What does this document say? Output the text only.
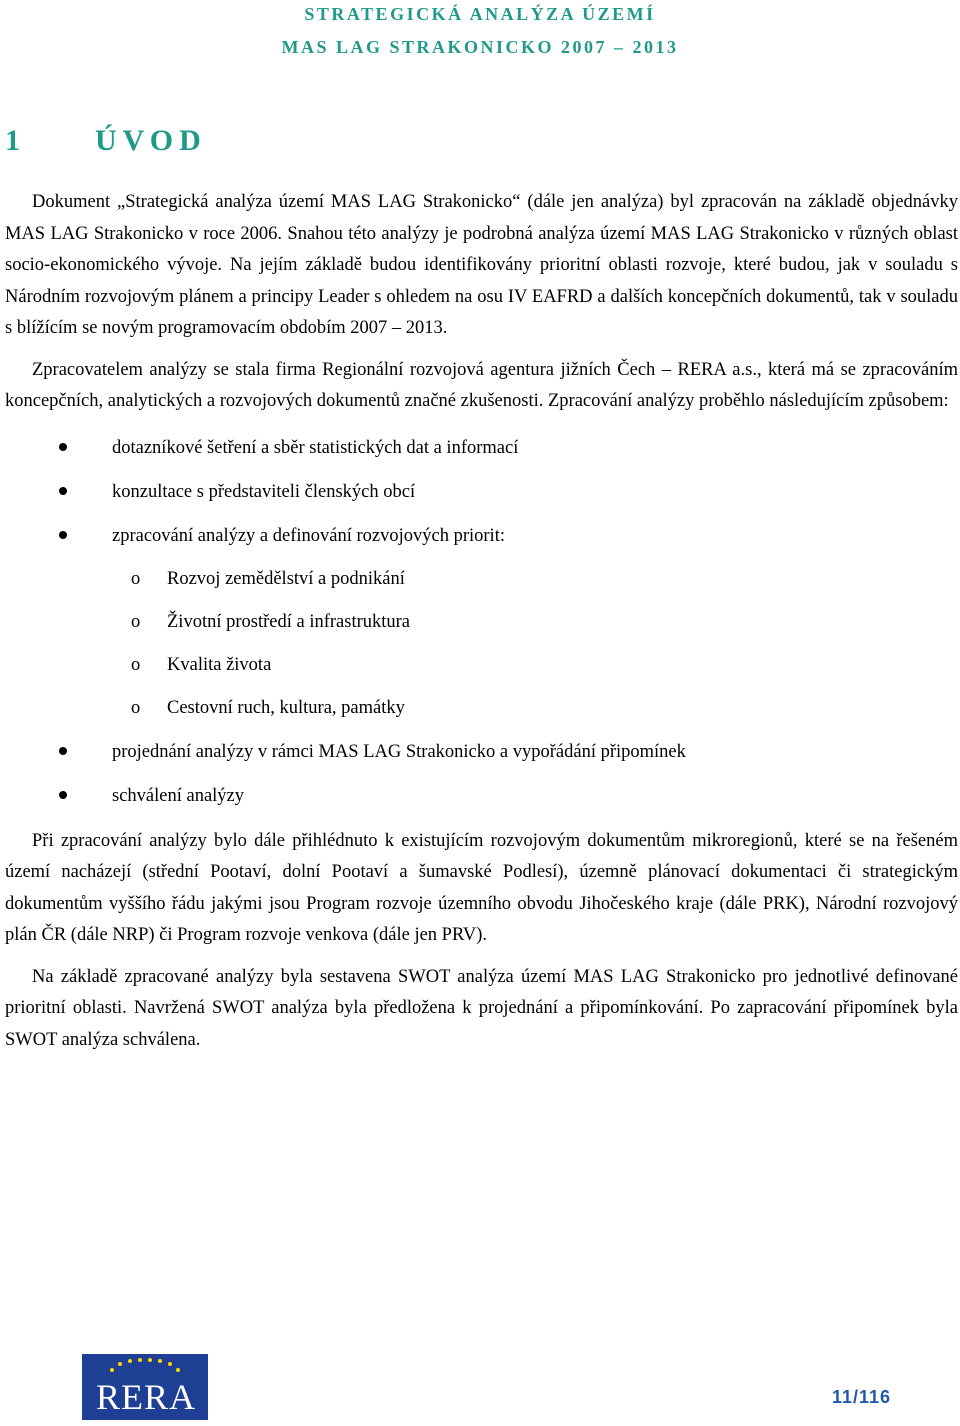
STRATEGICKÁ ANALÝZA ÚZEMÍ
MAS LAG STRAKONICKO 2007 – 2013
1	ÚVOD

Dokument „Strategická analýza území MAS LAG Strakonicko“ (dále jen analýza) byl zpracován na základě objednávky MAS LAG Strakonicko v roce 2006. Snahou této analýzy je podrobná analýza území MAS LAG Strakonicko v různých oblast socio-ekonomického vývoje. Na jejím základě budou identifikovány prioritní oblasti rozvoje, které budou, jak v souladu s Národním rozvojovým plánem a principy Leader s ohledem na osu IV EAFRD a dalších koncepčních dokumentů, tak v souladu s blížícím se novým programovacím obdobím 2007 – 2013.

Zpracovatelem analýzy se stala firma Regionální rozvojová agentura jižních Čech – RERA a.s., která má se zpracováním koncepčních, analytických a rozvojových dokumentů značné zkušenosti. Zpracování analýzy proběhlo následujícím způsobem:

dotazníkové šetření a sběr statistických dat a informací
konzultace s představiteli členských obcí
zpracování analýzy a definování rozvojových priorit:
o Rozvoj zemědělství a podnikání
o Životní prostředí a infrastruktura
o Kvalita života
o Cestovní ruch, kultura, památky
projednání analýzy v rámci MAS LAG Strakonicko a vypořádání připomínek
schválení analýzy

Při zpracování analýzy bylo dále přihlédnuto k existujícím rozvojovým dokumentům mikroregionů, které se na řešeném území nacházejí (střední Pootaví, dolní Pootaví a šumavské Podlesí), územně plánovací dokumentaci či strategickým dokumentům vyššího řádu jakými jsou Program rozvoje územního obvodu Jihočeského kraje (dále PRK), Národní rozvojový plán ČR (dále NRP) či Program rozvoje venkova (dále jen PRV).

Na základě zpracované analýzy byla sestavena SWOT analýza území MAS LAG Strakonicko pro jednotlivé definované prioritní oblasti. Navržená SWOT analýza byla předložena k projednání a připomínkování. Po zapracování připomínek byla SWOT analýza schválena.

RERA	11/116
